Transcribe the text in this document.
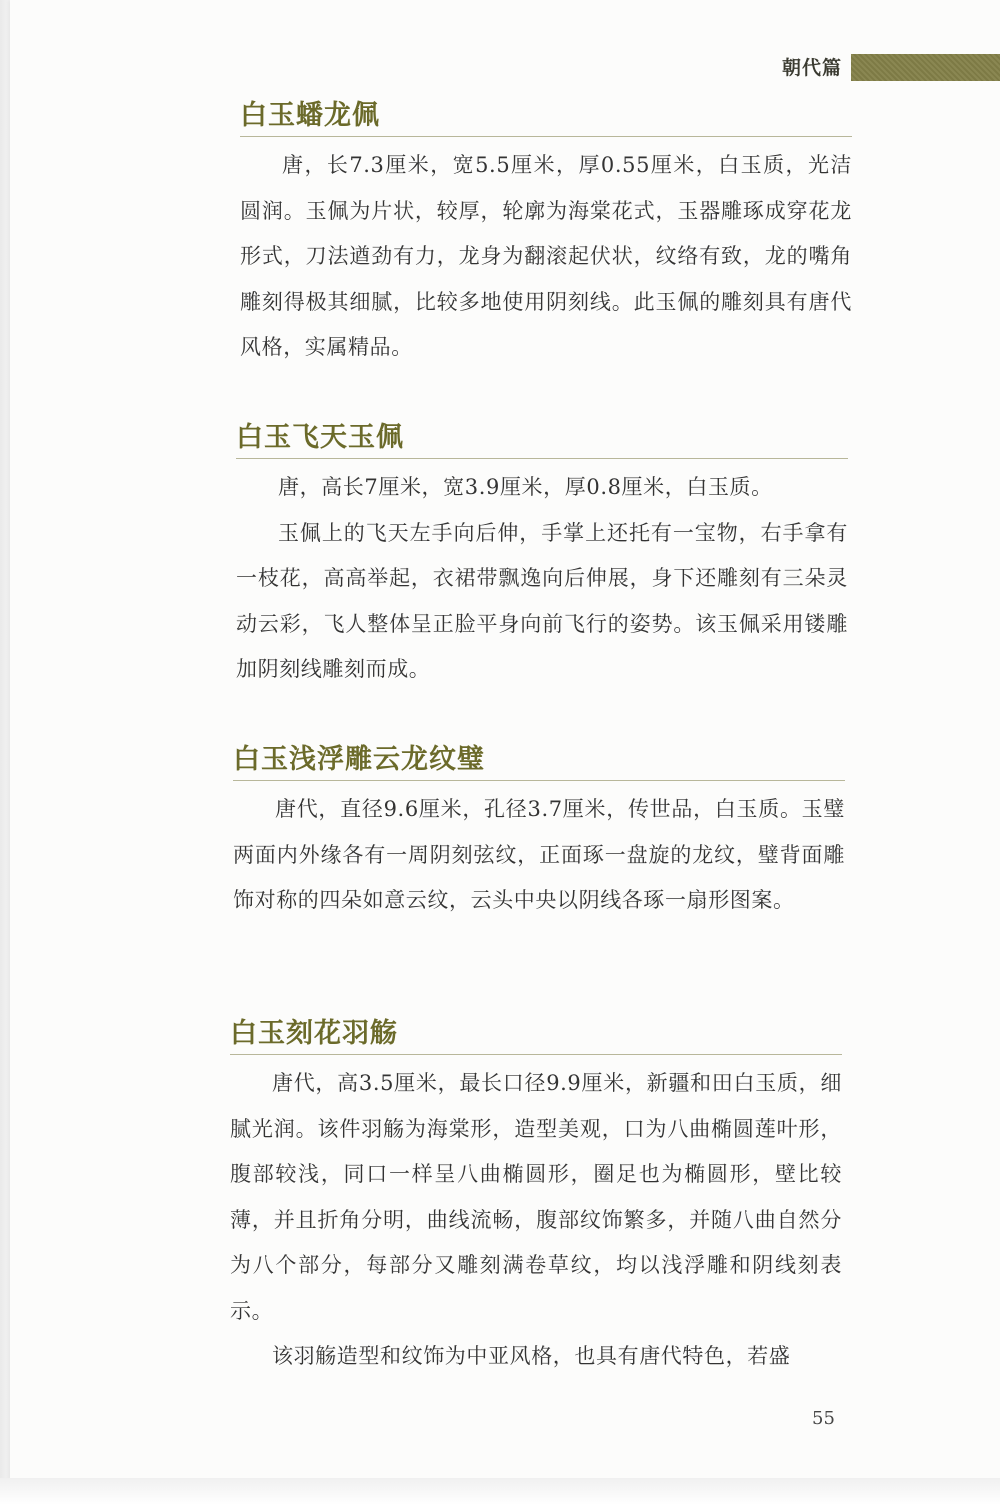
朝代篇
白玉蟠龙佩

唐，长7.3厘米，宽5.5厘米，厚0.55厘米，白玉质，光洁圆润。玉佩为片状，较厚，轮廓为海棠花式，玉器雕琢成穿花龙形式，刀法遒劲有力，龙身为翻滚起伏状，纹络有致，龙的嘴角雕刻得极其细腻，比较多地使用阴刻线。此玉佩的雕刻具有唐代风格，实属精品。

白玉飞天玉佩

唐，高长7厘米，宽3.9厘米，厚0.8厘米，白玉质。

玉佩上的飞天左手向后伸，手掌上还托有一宝物，右手拿有一枝花，高高举起，衣裙带飘逸向后伸展，身下还雕刻有三朵灵动云彩，飞人整体呈正脸平身向前飞行的姿势。该玉佩采用镂雕加阴刻线雕刻而成。

白玉浅浮雕云龙纹璧

唐代，直径9.6厘米，孔径3.7厘米，传世品，白玉质。玉璧两面内外缘各有一周阴刻弦纹，正面琢一盘旋的龙纹，璧背面雕饰对称的四朵如意云纹，云头中央以阴线各琢一扇形图案。

白玉刻花羽觞

唐代，高3.5厘米，最长口径9.9厘米，新疆和田白玉质，细腻光润。该件羽觞为海棠形，造型美观，口为八曲椭圆莲叶形，腹部较浅，同口一样呈八曲椭圆形，圈足也为椭圆形，壁比较薄，并且折角分明，曲线流畅，腹部纹饰繁多，并随八曲自然分为八个部分，每部分又雕刻满卷草纹，均以浅浮雕和阴线刻表示。

该羽觞造型和纹饰为中亚风格，也具有唐代特色，若盛

55
